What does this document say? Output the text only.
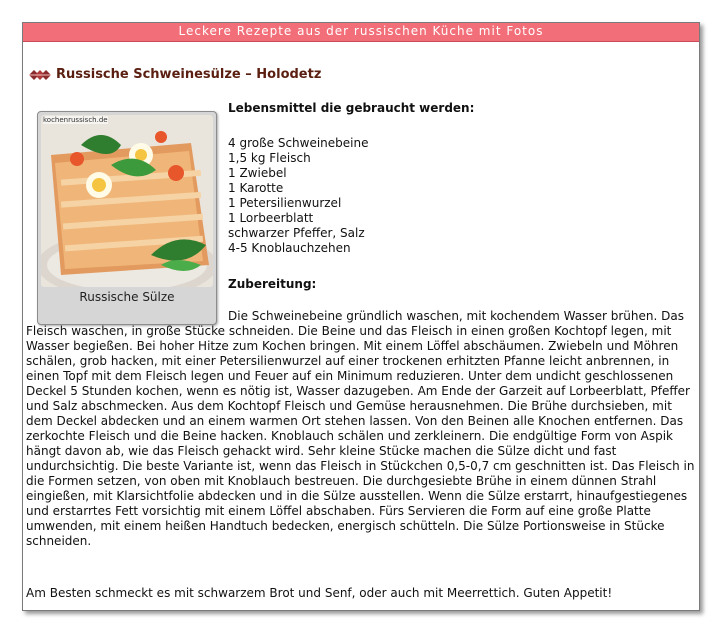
Leckere Rezepte aus der russischen Küche mit Fotos
Russische Schweinesülze – Holodetz
kochenrussisch.de
Russische Sülze
Lebensmittel die gebraucht werden:
4 große Schweinebeine
1,5 kg Fleisch
1 Zwiebel
1 Karotte
1 Petersilienwurzel
1 Lorbeerblatt
schwarzer Pfeffer, Salz
4-5 Knoblauchzehen
Zubereitung:

Die Schweinebeine gründlich waschen, mit kochendem Wasser brühen. Das Fleisch waschen, in große Stücke schneiden. Die Beine und das Fleisch in einen großen Kochtopf legen, mit Wasser begießen. Bei hoher Hitze zum Kochen bringen. Mit einem Löffel abschäumen. Zwiebeln und Möhren schälen, grob hacken, mit einer Petersilienwurzel auf einer trockenen erhitzten Pfanne leicht anbrennen, in einen Topf mit dem Fleisch legen und Feuer auf ein Minimum reduzieren. Unter dem undicht geschlossenen Deckel 5 Stunden kochen, wenn es nötig ist, Wasser dazugeben. Am Ende der Garzeit auf Lorbeerblatt, Pfeffer und Salz abschmecken. Aus dem Kochtopf Fleisch und Gemüse herausnehmen. Die Brühe durchsieben, mit dem Deckel abdecken und an einem warmen Ort stehen lassen. Von den Beinen alle Knochen entfernen. Das zerkochte Fleisch und die Beine hacken. Knoblauch schälen und zerkleinern. Die endgültige Form von Aspik hängt davon ab, wie das Fleisch gehackt wird. Sehr kleine Stücke machen die Sülze dicht und fast undurchsichtig. Die beste Variante ist, wenn das Fleisch in Stückchen 0,5-0,7 cm geschnitten ist. Das Fleisch in die Formen setzen, von oben mit Knoblauch bestreuen. Die durchgesiebte Brühe in einem dünnen Strahl eingießen, mit Klarsichtfolie abdecken und in die Sülze ausstellen. Wenn die Sülze erstarrt, hinaufgestiegenes und erstarrtes Fett vorsichtig mit einem Löffel abschaben. Fürs Servieren die Form auf eine große Platte umwenden, mit einem heißen Handtuch bedecken, energisch schütteln. Die Sülze Portionsweise in Stücke schneiden.

Am Besten schmeckt es mit schwarzem Brot und Senf, oder auch mit Meerrettich. Guten Appetit!
